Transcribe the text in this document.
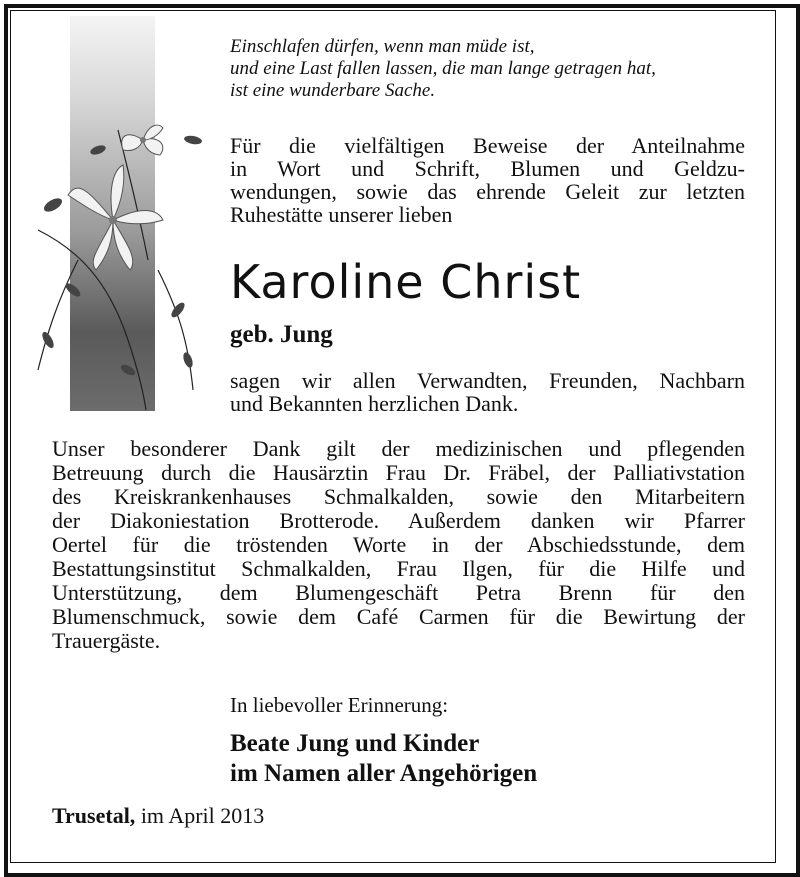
Einschlafen dürfen, wenn man müde ist,
und eine Last fallen lassen, die man lange getragen hat,
ist eine wunderbare Sache.
Für die vielfältigen Beweise der Anteilnahme
in Wort und Schrift, Blumen und Geldzu-
wendungen, sowie das ehrende Geleit zur letzten
Ruhestätte unserer lieben
Karoline Christ
geb. Jung
sagen wir allen Verwandten, Freunden, Nachbarn
und Bekannten herzlichen Dank.
Unser besonderer Dank gilt der medizinischen und pflegenden
Betreuung durch die Hausärztin Frau Dr. Fräbel, der Palliativstation
des Kreiskrankenhauses Schmalkalden, sowie den Mitarbeitern
der Diakoniestation Brotterode. Außerdem danken wir Pfarrer
Oertel für die tröstenden Worte in der Abschiedsstunde, dem
Bestattungsinstitut Schmalkalden, Frau Ilgen, für die Hilfe und
Unterstützung, dem Blumengeschäft Petra Brenn für den
Blumenschmuck, sowie dem Café Carmen für die Bewirtung der
Trauergäste.
In liebevoller Erinnerung:
Beate Jung und Kinder
im Namen aller Angehörigen
Trusetal, im April 2013
